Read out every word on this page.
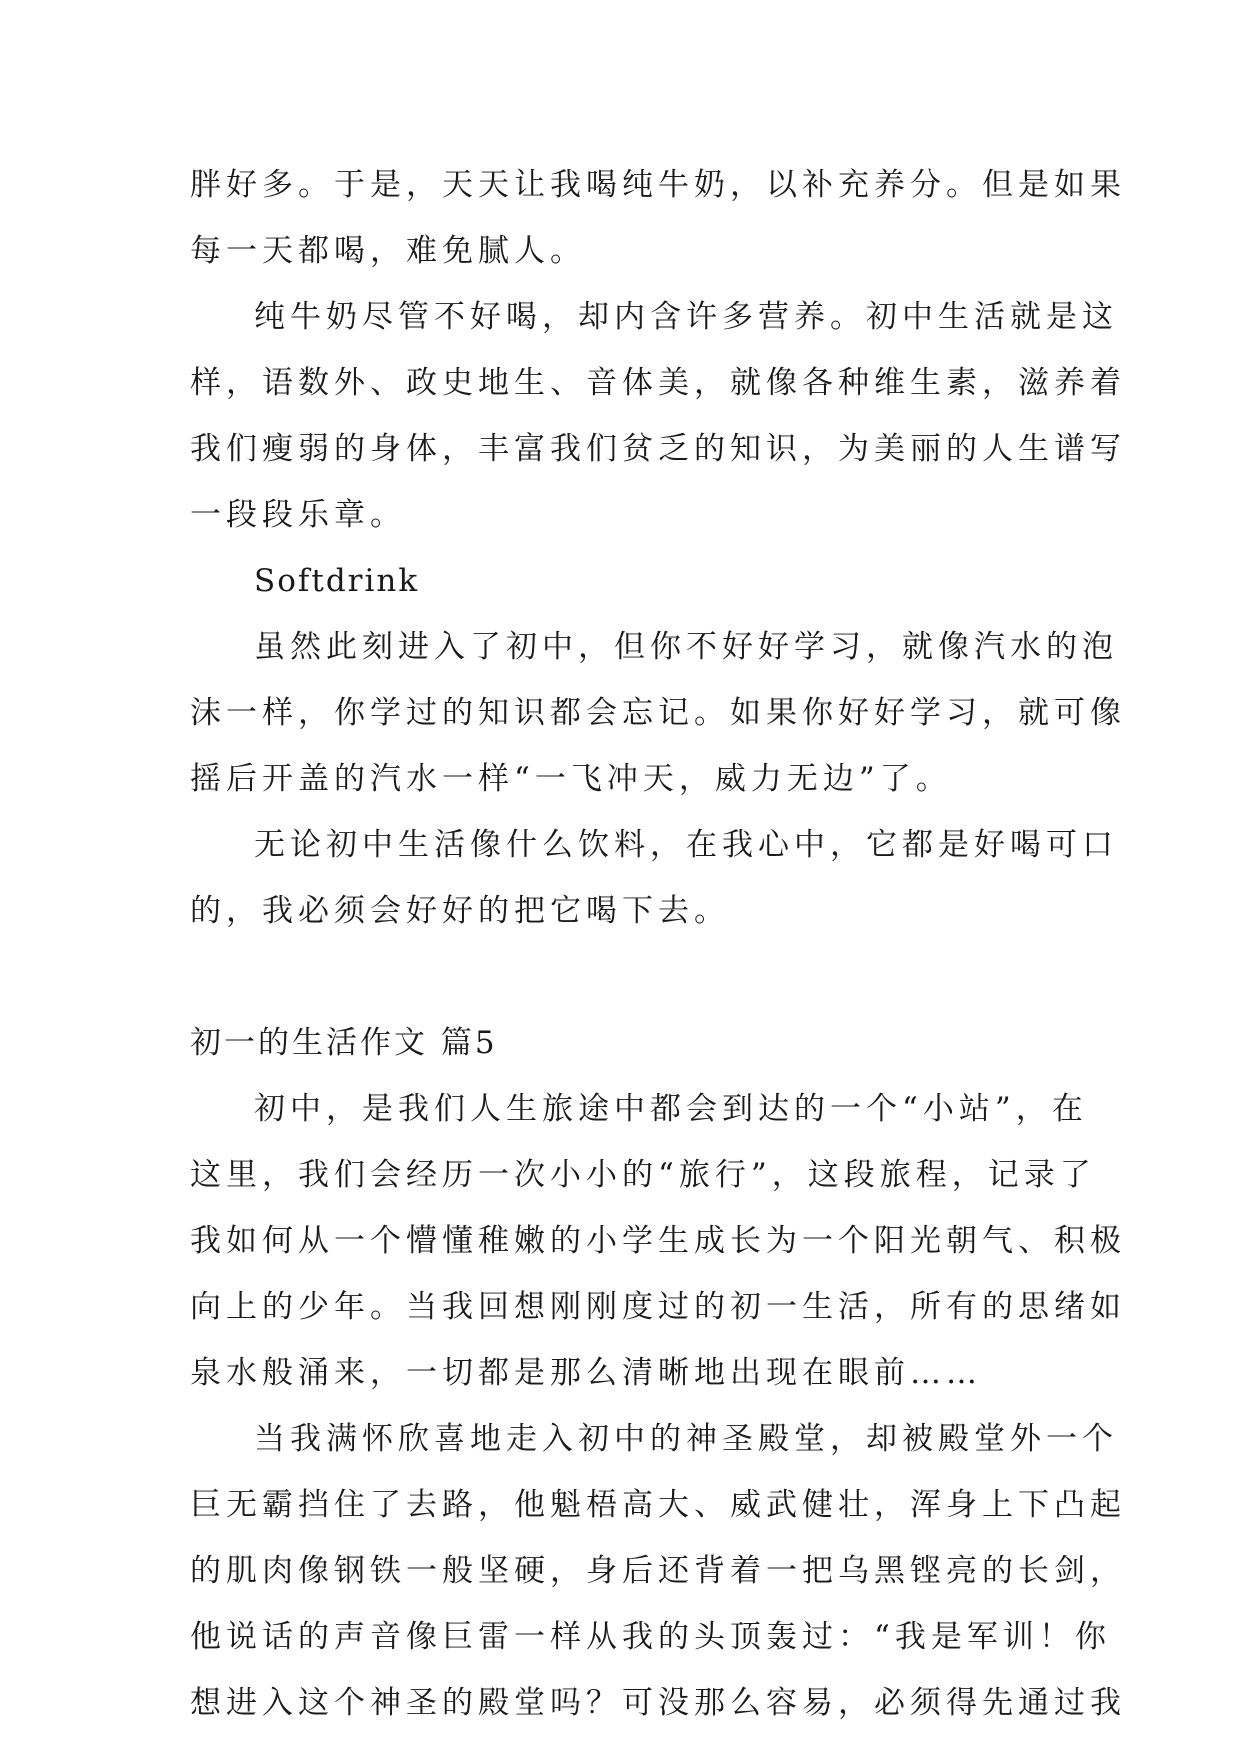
胖好多。于是，天天让我喝纯牛奶，以补充养分。但是如果
每一天都喝，难免腻人。
纯牛奶尽管不好喝，却内含许多营养。初中生活就是这
样，语数外、政史地生、音体美，就像各种维生素，滋养着
我们瘦弱的身体，丰富我们贫乏的知识，为美丽的人生谱写
一段段乐章。
Softdrink
虽然此刻进入了初中，但你不好好学习，就像汽水的泡
沫一样，你学过的知识都会忘记。如果你好好学习，就可像
摇后开盖的汽水一样“一飞冲天，威力无边”了。
无论初中生活像什么饮料，在我心中，它都是好喝可口
的，我必须会好好的把它喝下去。
初一的生活作文 篇5
初中，是我们人生旅途中都会到达的一个“小站”，在
这里，我们会经历一次小小的“旅行”，这段旅程，记录了
我如何从一个懵懂稚嫩的小学生成长为一个阳光朝气、积极
向上的少年。当我回想刚刚度过的初一生活，所有的思绪如
泉水般涌来，一切都是那么清晰地出现在眼前……
当我满怀欣喜地走入初中的神圣殿堂，却被殿堂外一个
巨无霸挡住了去路，他魁梧高大、威武健壮，浑身上下凸起
的肌肉像钢铁一般坚硬，身后还背着一把乌黑铿亮的长剑，
他说话的声音像巨雷一样从我的头顶轰过：“我是军训！你
想进入这个神圣的殿堂吗？可没那么容易，必须得先通过我
